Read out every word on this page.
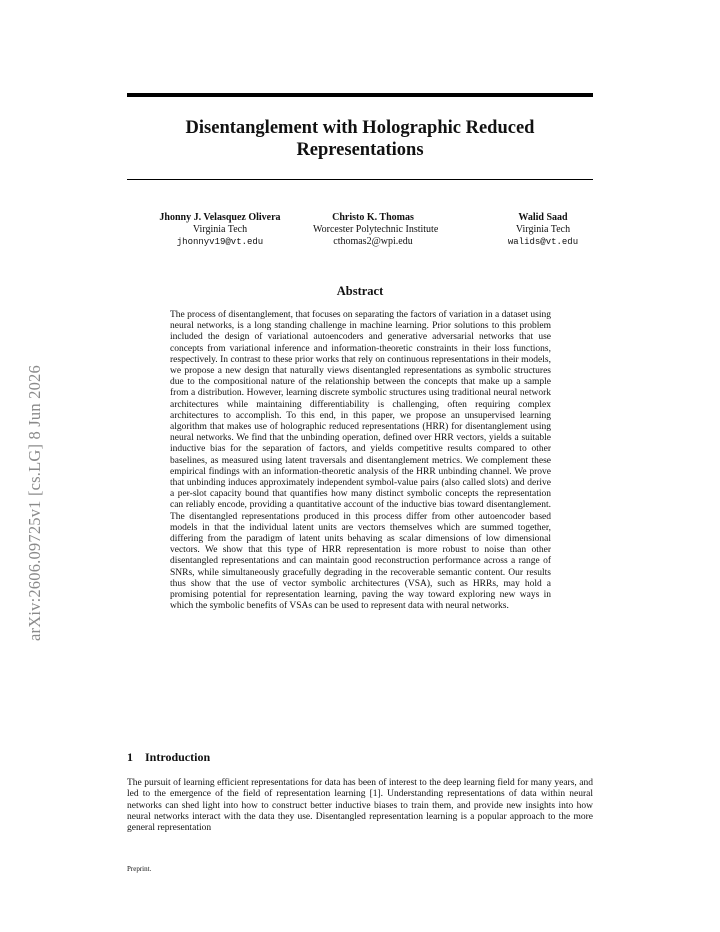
arXiv:2606.09725v1 [cs.LG] 8 Jun 2026
Disentanglement with Holographic Reduced
Representations
Jhonny J. Velasquez Olivera
Virginia Tech
jhonnyv19@vt.edu
Christo K. Thomas
Worcester Polytechnic Institute
cthomas2@wpi.edu
Walid Saad
Virginia Tech
walids@vt.edu
Abstract
The process of disentanglement, that focuses on separating the factors of variation in a dataset using neural networks, is a long standing challenge in machine learning. Prior solutions to this problem included the design of variational autoencoders and generative adversarial networks that use concepts from variational inference and information-theoretic constraints in their loss functions, respectively. In contrast to these prior works that rely on continuous representations in their models, we propose a new design that naturally views disentangled representations as symbolic structures due to the compositional nature of the relationship between the concepts that make up a sample from a distribution. However, learning discrete symbolic structures using traditional neural network architectures while maintaining differentiability is challenging, often requiring complex architectures to accomplish. To this end, in this paper, we propose an unsupervised learning algorithm that makes use of holographic reduced representations (HRR) for disentanglement using neural networks. We find that the unbinding operation, defined over HRR vectors, yields a suitable inductive bias for the separation of factors, and yields competitive results compared to other baselines, as measured using latent traversals and disentanglement metrics. We complement these empirical findings with an information-theoretic analysis of the HRR unbinding channel. We prove that unbinding induces approximately independent symbol-value pairs (also called slots) and derive a per-slot capacity bound that quantifies how many distinct symbolic concepts the representation can reliably encode, providing a quantitative account of the inductive bias toward disentanglement. The disentangled representations produced in this process differ from other autoencoder based models in that the individual latent units are vectors themselves which are summed together, differing from the paradigm of latent units behaving as scalar dimensions of low dimensional vectors. We show that this type of HRR representation is more robust to noise than other disentangled representations and can maintain good reconstruction performance across a range of SNRs, while simultaneously gracefully degrading in the recoverable semantic content. Our results thus show that the use of vector symbolic architectures (VSA), such as HRRs, may hold a promising potential for representation learning, paving the way toward exploring new ways in which the symbolic benefits of VSAs can be used to represent data with neural networks.
1 Introduction
The pursuit of learning efficient representations for data has been of interest to the deep learning field for many years, and led to the emergence of the field of representation learning [1]. Understanding representations of data within neural networks can shed light into how to construct better inductive biases to train them, and provide new insights into how neural networks interact with the data they use. Disentangled representation learning is a popular approach to the more general representation
Preprint.
